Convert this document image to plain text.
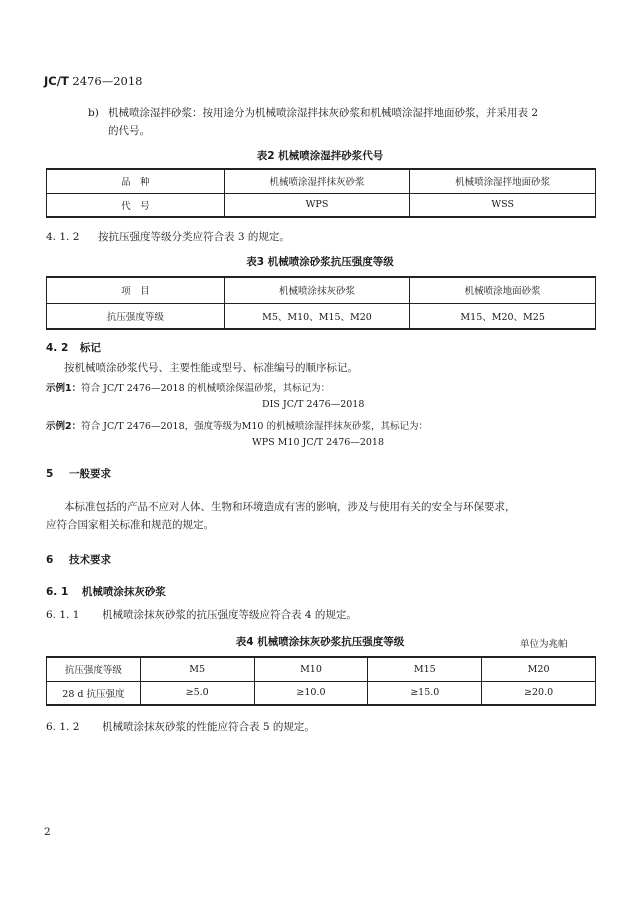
JC/T 2476—2018
b) 机械喷涂湿拌砂浆：按用途分为机械喷涂湿拌抹灰砂浆和机械喷涂湿拌地面砂浆，并采用表 2
的代号。
表2 机械喷涂湿拌砂浆代号
品　种	机械喷涂湿拌抹灰砂浆	机械喷涂湿拌地面砂浆
代　号	WPS	WSS
4. 1. 2 按抗压强度等级分类应符合表 3 的规定。
表3 机械喷涂砂浆抗压强度等级
项　目	机械喷涂抹灰砂浆	机械喷涂地面砂浆
抗压强度等级	M5、M10、M15、M20	M15、M20、M25
4. 2 标记
按机械喷涂砂浆代号、主要性能或型号、标准编号的顺序标记。
示例1：符合 JC/T 2476—2018 的机械喷涂保温砂浆，其标记为：
DIS JC/T 2476—2018
示例2：符合 JC/T 2476—2018，强度等级为M10 的机械喷涂湿拌抹灰砂浆，其标记为：
WPS M10 JC/T 2476—2018
5 一般要求
本标准包括的产品不应对人体、生物和环境造成有害的影响，涉及与使用有关的安全与环保要求，
应符合国家相关标准和规范的规定。
6 技术要求
6. 1 机械喷涂抹灰砂浆
6. 1. 1 机械喷涂抹灰砂浆的抗压强度等级应符合表 4 的规定。
表4 机械喷涂抹灰砂浆抗压强度等级	单位为兆帕
抗压强度等级	M5	M10	M15	M20
28 d 抗压强度	≥5.0	≥10.0	≥15.0	≥20.0
6. 1. 2 机械喷涂抹灰砂浆的性能应符合表 5 的规定。
2
